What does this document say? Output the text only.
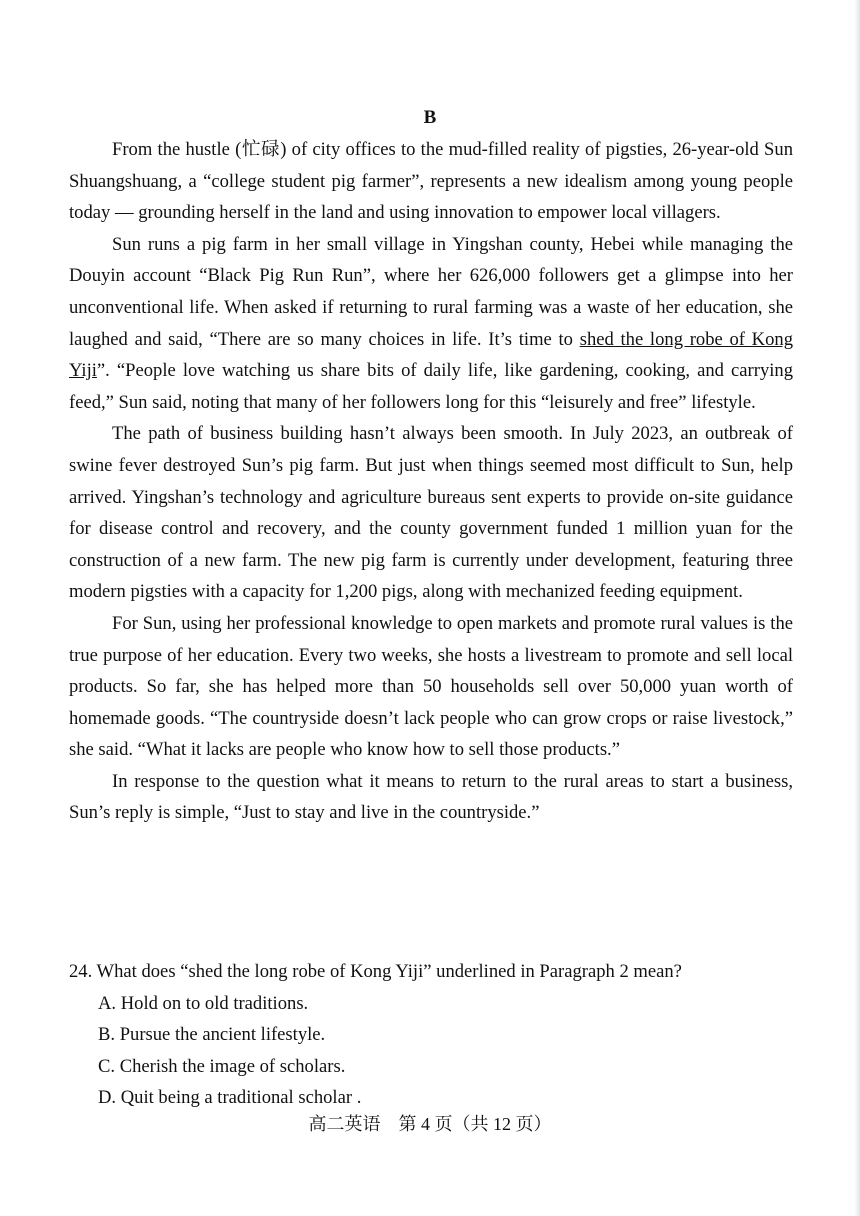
B

From the hustle (忙碌) of city offices to the mud-filled reality of pigsties, 26-year-old Sun Shuangshuang, a “college student pig farmer”, represents a new idealism among young people today — grounding herself in the land and using innovation to empower local villagers.

Sun runs a pig farm in her small village in Yingshan county, Hebei while managing the Douyin account “Black Pig Run Run”, where her 626,000 followers get a glimpse into her unconventional life. When asked if returning to rural farming was a waste of her education, she laughed and said, “There are so many choices in life. It’s time to shed the long robe of Kong Yiji”. “People love watching us share bits of daily life, like gardening, cooking, and carrying feed,” Sun said, noting that many of her followers long for this “leisurely and free” lifestyle.

The path of business building hasn’t always been smooth. In July 2023, an outbreak of swine fever destroyed Sun’s pig farm. But just when things seemed most difficult to Sun, help arrived. Yingshan’s technology and agriculture bureaus sent experts to provide on-site guidance for disease control and recovery, and the county government funded 1 million yuan for the construction of a new farm. The new pig farm is currently under development, featuring three modern pigsties with a capacity for 1,200 pigs, along with mechanized feeding equipment.

For Sun, using her professional knowledge to open markets and promote rural values is the true purpose of her education. Every two weeks, she hosts a livestream to promote and sell local products. So far, she has helped more than 50 households sell over 50,000 yuan worth of homemade goods. “The countryside doesn’t lack people who can grow crops or raise livestock,” she said. “What it lacks are people who know how to sell those products.”

In response to the question what it means to return to the rural areas to start a business, Sun’s reply is simple, “Just to stay and live in the countryside.”

24. What does “shed the long robe of Kong Yiji” underlined in Paragraph 2 mean?

A. Hold on to old traditions.

B. Pursue the ancient lifestyle.

C. Cherish the image of scholars.

D. Quit being a traditional scholar .

高二英语　第 4 页（共 12 页）
